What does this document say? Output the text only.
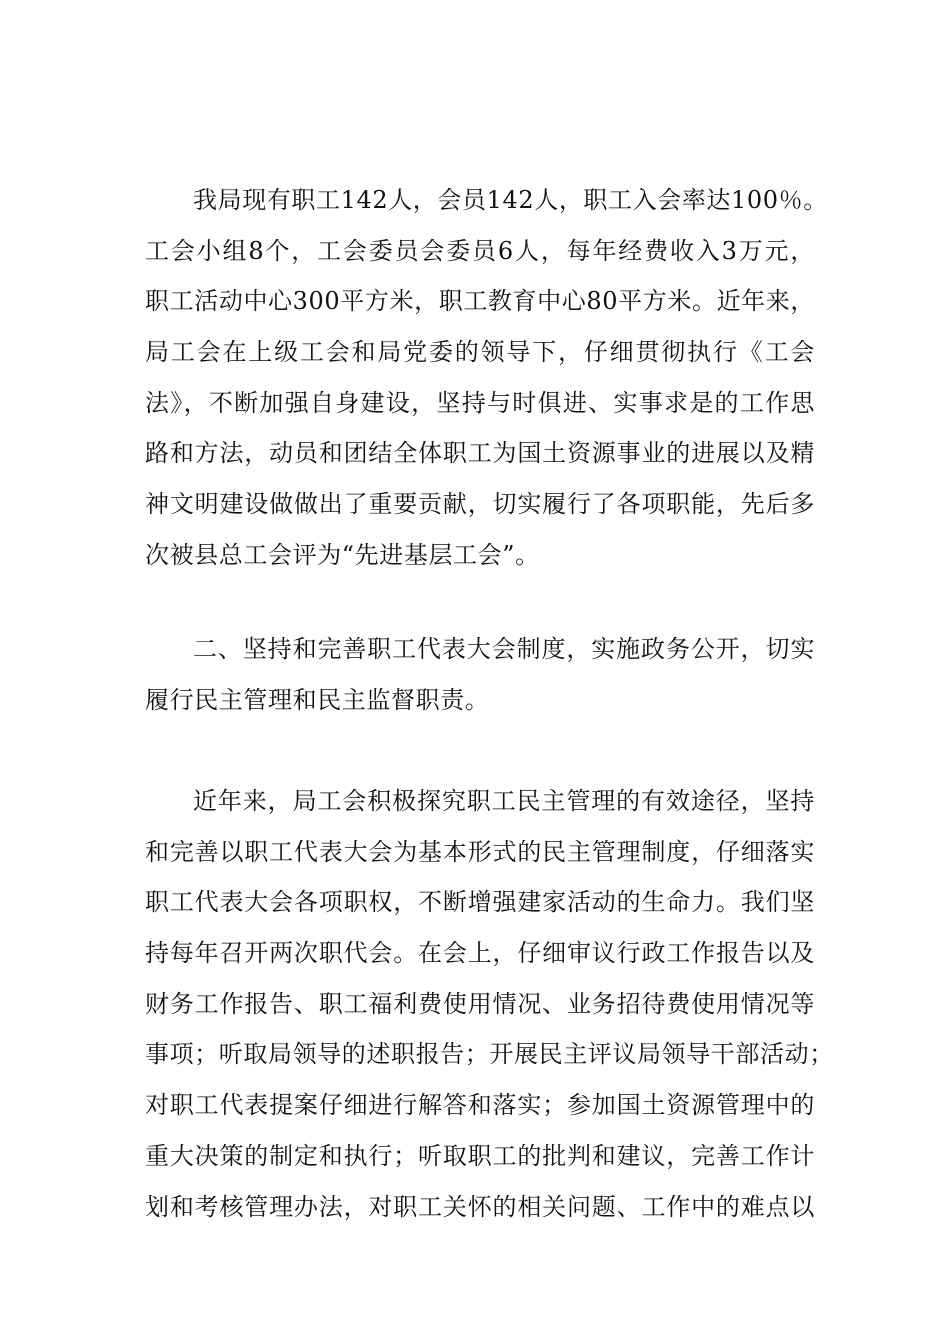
我局现有职工142人，会员142人，职工入会率达100％。
工会小组8个，工会委员会委员6人，每年经费收入3万元，
职工活动中心300平方米，职工教育中心80平方米。近年来，
局工会在上级工会和局党委的领导下，仔细贯彻执行《工会
法》，不断加强自身建设，坚持与时俱进、实事求是的工作思
路和方法，动员和团结全体职工为国土资源事业的进展以及精
神文明建设做做出了重要贡献，切实履行了各项职能，先后多
次被县总工会评为“先进基层工会”。
二、坚持和完善职工代表大会制度，实施政务公开，切实
履行民主管理和民主监督职责。
近年来，局工会积极探究职工民主管理的有效途径，坚持
和完善以职工代表大会为基本形式的民主管理制度，仔细落实
职工代表大会各项职权，不断增强建家活动的生命力。我们坚
持每年召开两次职代会。在会上，仔细审议行政工作报告以及
财务工作报告、职工福利费使用情况、业务招待费使用情况等
事项；听取局领导的述职报告；开展民主评议局领导干部活动；
对职工代表提案仔细进行解答和落实；参加国土资源管理中的
重大决策的制定和执行；听取职工的批判和建议，完善工作计
划和考核管理办法，对职工关怀的相关问题、工作中的难点以
